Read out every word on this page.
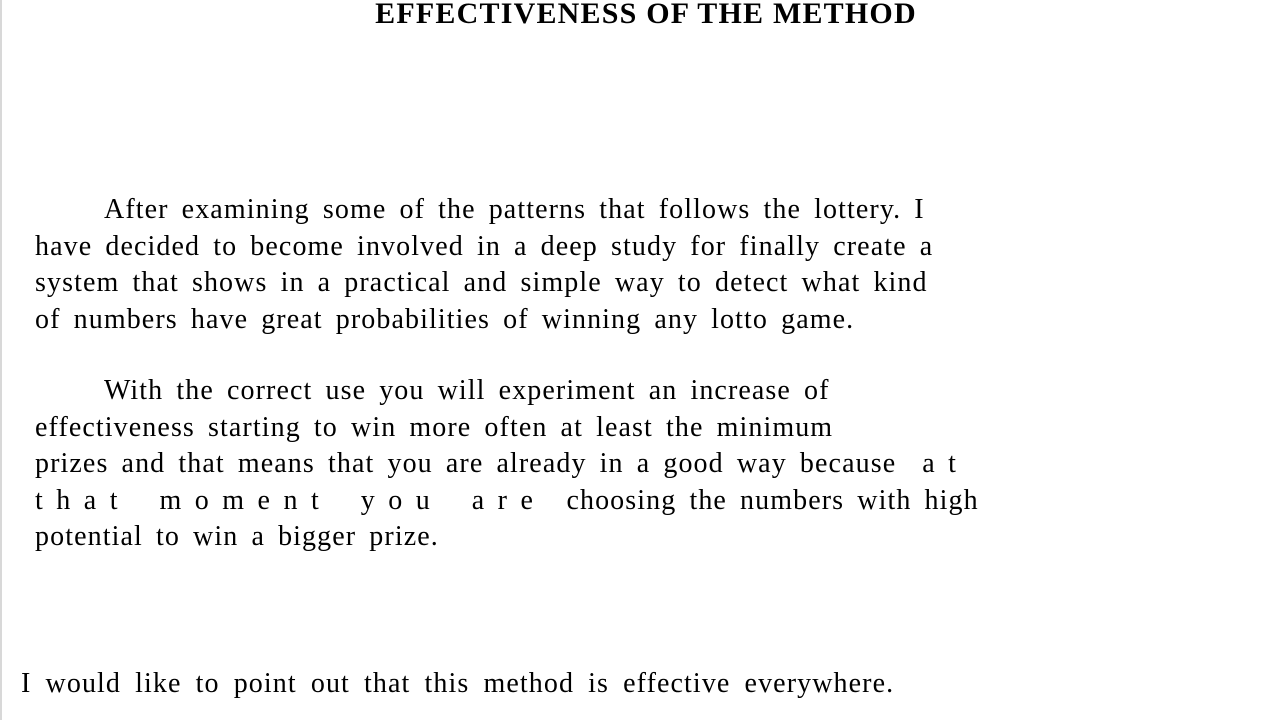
EFFECTIVENESS OF THE METHOD
After examining some of the patterns that follows the lottery. I
have decided to become involved in a deep study for finally create a
system that shows in a practical and simple way to detect what kind
of numbers have great probabilities of winning any lotto game.
With the correct use you will experiment an increase of
effectiveness starting to win more often at least the minimum
prizes and that means that you are already in a good way because at
that moment you are choosing the numbers with high
potential to win a bigger prize.
I would like to point out that this method is effective everywhere.
